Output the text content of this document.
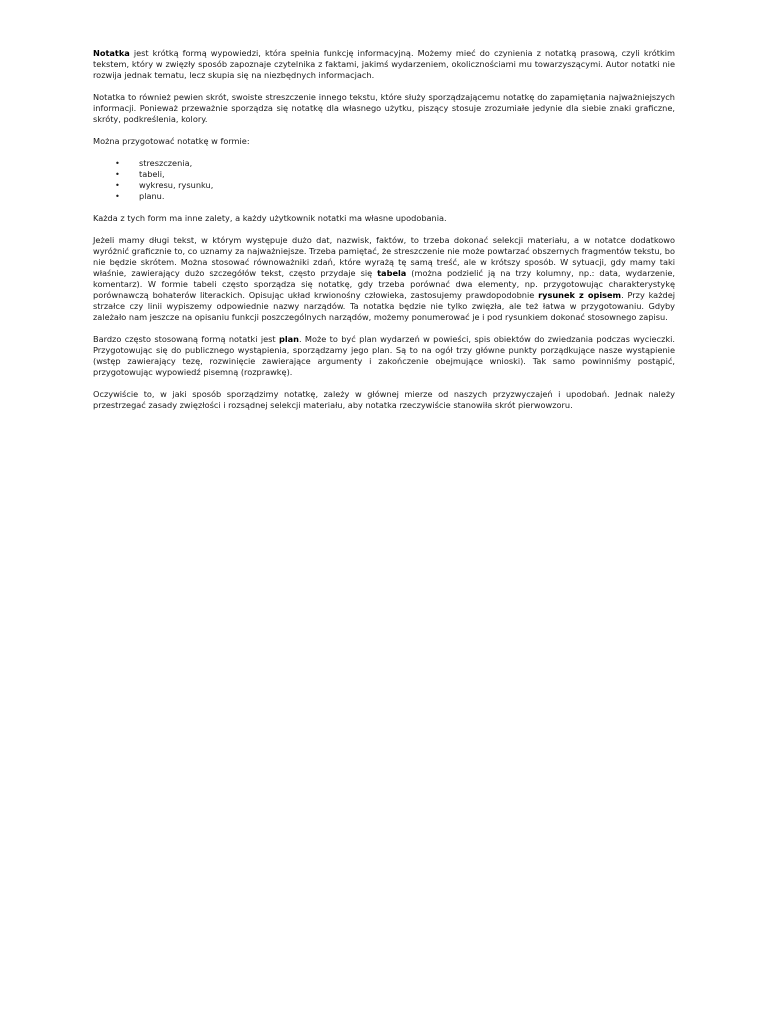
Notatka jest krótką formą wypowiedzi, która spełnia funkcję informacyjną. Możemy mieć do czynienia z notatką prasową, czyli krótkim tekstem, który w zwięzły sposób zapoznaje czytelnika z faktami, jakimś wydarzeniem, okolicznościami mu towarzyszącymi. Autor notatki nie rozwija jednak tematu, lecz skupia się na niezbędnych informacjach.

Notatka to również pewien skrót, swoiste streszczenie innego tekstu, które służy sporządzającemu notatkę do zapamiętania najważniejszych informacji. Ponieważ przeważnie sporządza się notatkę dla własnego użytku, piszący stosuje zrozumiałe jedynie dla siebie znaki graficzne, skróty, podkreślenia, kolory.

Można przygotować notatkę w formie:

• streszczenia,
• tabeli,
• wykresu, rysunku,
• planu.

Każda z tych form ma inne zalety, a każdy użytkownik notatki ma własne upodobania.

Jeżeli mamy długi tekst, w którym występuje dużo dat, nazwisk, faktów, to trzeba dokonać selekcji materiału, a w notatce dodatkowo wyróżnić graficznie to, co uznamy za najważniejsze. Trzeba pamiętać, że streszczenie nie może powtarzać obszernych fragmentów tekstu, bo nie będzie skrótem. Można stosować równoważniki zdań, które wyrażą tę samą treść, ale w krótszy sposób. W sytuacji, gdy mamy taki właśnie, zawierający dużo szczegółów tekst, często przydaje się tabela (można podzielić ją na trzy kolumny, np.: data, wydarzenie, komentarz). W formie tabeli często sporządza się notatkę, gdy trzeba porównać dwa elementy, np. przygotowując charakterystykę porównawczą bohaterów literackich. Opisując układ krwionośny człowieka, zastosujemy prawdopodobnie rysunek z opisem. Przy każdej strzałce czy linii wypiszemy odpowiednie nazwy narządów. Ta notatka będzie nie tylko zwięzła, ale też łatwa w przygotowaniu. Gdyby zależało nam jeszcze na opisaniu funkcji poszczególnych narządów, możemy ponumerować je i pod rysunkiem dokonać stosownego zapisu.

Bardzo często stosowaną formą notatki jest plan. Może to być plan wydarzeń w powieści, spis obiektów do zwiedzania podczas wycieczki. Przygotowując się do publicznego wystąpienia, sporządzamy jego plan. Są to na ogół trzy główne punkty porządkujące nasze wystąpienie (wstęp zawierający tezę, rozwinięcie zawierające argumenty i zakończenie obejmujące wnioski). Tak samo powinniśmy postąpić, przygotowując wypowiedź pisemną (rozprawkę).

Oczywiście to, w jaki sposób sporządzimy notatkę, zależy w głównej mierze od naszych przyzwyczajeń i upodobań. Jednak należy przestrzegać zasady zwięzłości i rozsądnej selekcji materiału, aby notatka rzeczywiście stanowiła skrót pierwowzoru.
